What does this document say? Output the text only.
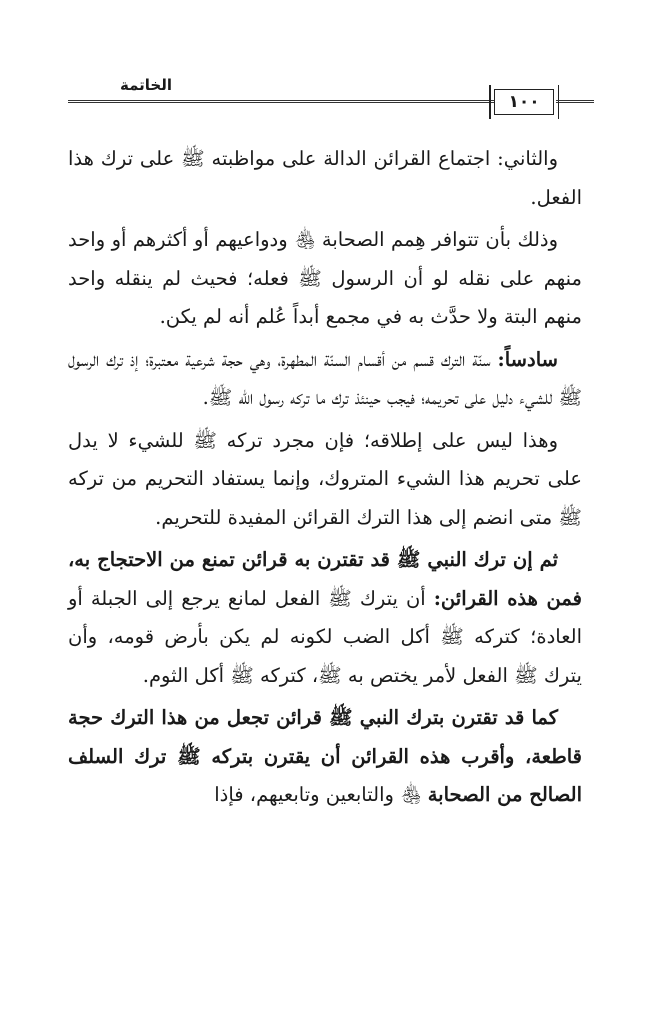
الخاتمة
١٠٠

والثاني: اجتماع القرائن الدالة على مواظبته ﷺ على ترك هذا الفعل.

وذلك بأن تتوافر هِمم الصحابة ﵃ ودواعيهم أو أكثرهم أو واحد منهم على نقله لو أن الرسول ﷺ فعله؛ فحيث لم ينقله واحد منهم البتة ولا حدَّث به في مجمع أبداً عُلم أنه لم يكن.

سادساً: سنّة الترك قسم من أقسام السنّة المطهرة، وهي حجة شرعية معتبرة؛ إذ ترك الرسول ﷺ للشيء دليل على تحريمه؛ فيجب حينئذ ترك ما تركه رسول الله ﷺ.

وهذا ليس على إطلاقه؛ فإن مجرد تركه ﷺ للشيء لا يدل على تحريم هذا الشيء المتروك، وإنما يستفاد التحريم من تركه ﷺ متى انضم إلى هذا الترك القرائن المفيدة للتحريم.

ثم إن ترك النبي ﷺ قد تقترن به قرائن تمنع من الاحتجاج به، فمن هذه القرائن: أن يترك ﷺ الفعل لمانع يرجع إلى الجبلة أو العادة؛ كتركه ﷺ أكل الضب لكونه لم يكن بأرض قومه، وأن يترك ﷺ الفعل لأمر يختص به ﷺ، كتركه ﷺ أكل الثوم.

كما قد تقترن بترك النبي ﷺ قرائن تجعل من هذا الترك حجة قاطعة، وأقرب هذه القرائن أن يقترن بتركه ﷺ ترك السلف الصالح من الصحابة ﵃ والتابعين وتابعيهم، فإذا
